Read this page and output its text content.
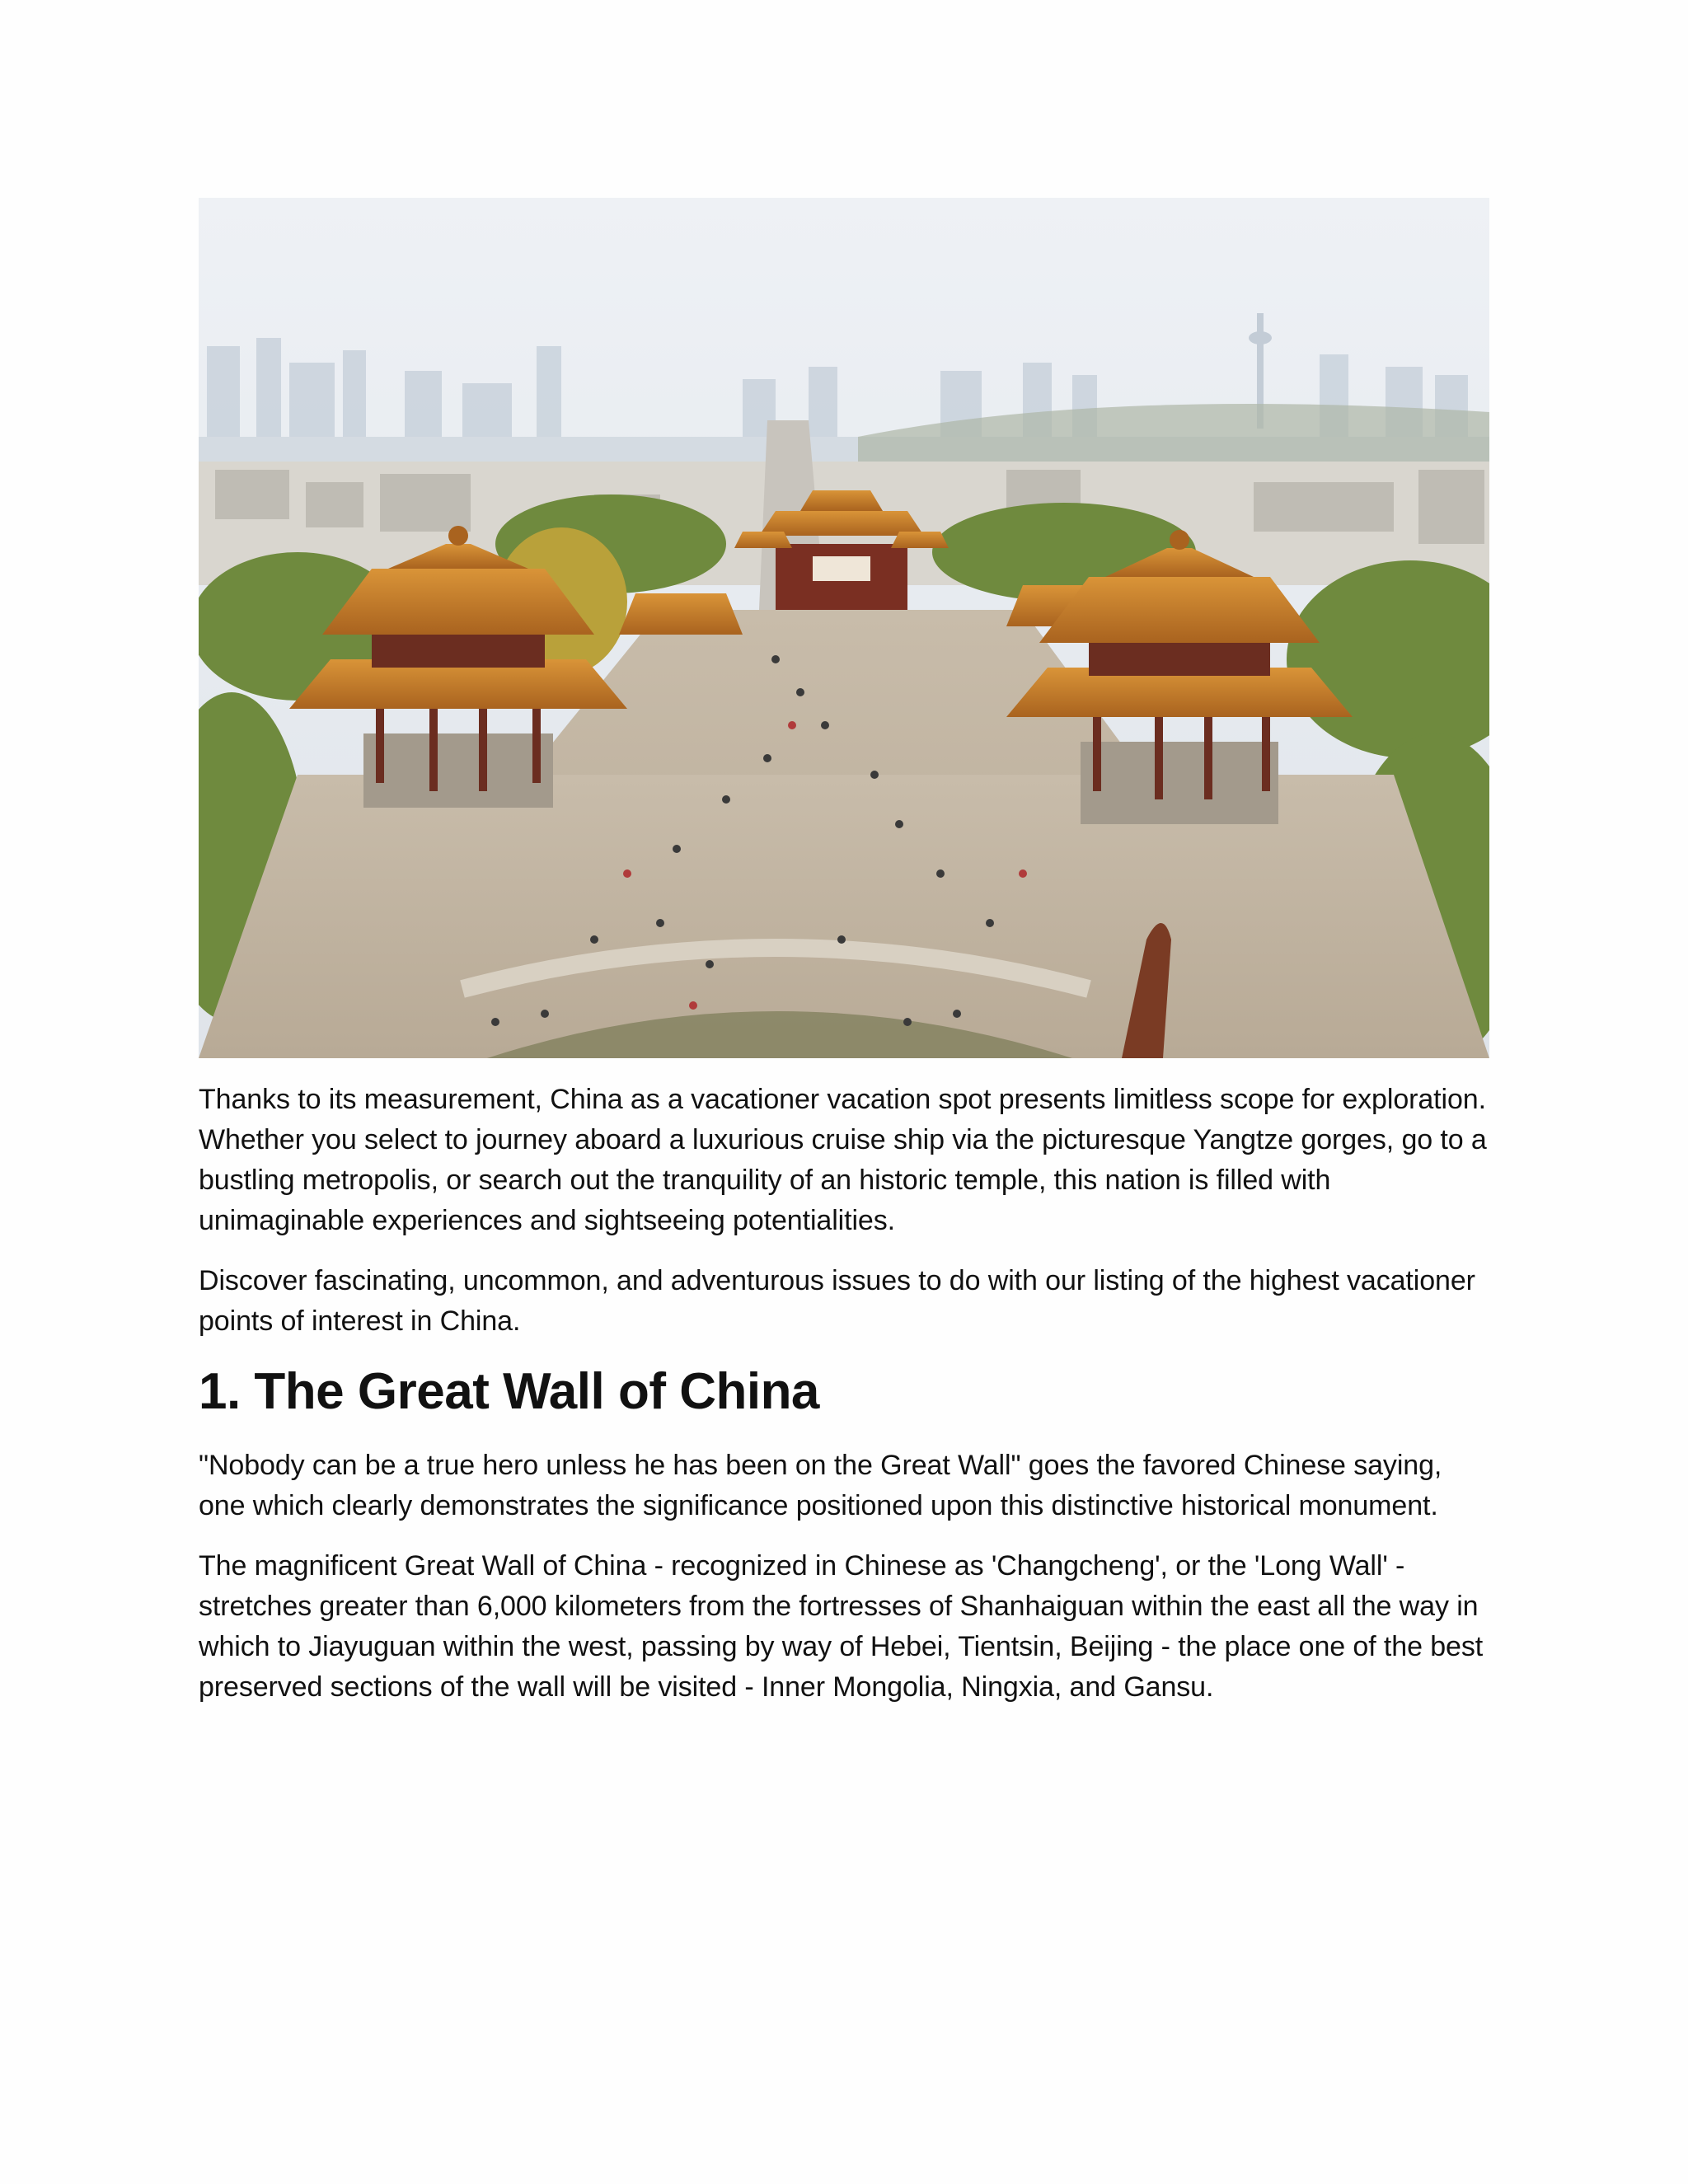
Thanks to its measurement, China as a vacationer vacation spot presents limitless scope for exploration. Whether you select to journey aboard a luxurious cruise ship via the picturesque Yangtze gorges, go to a bustling metropolis, or search out the tranquility of an historic temple, this nation is filled with unimaginable experiences and sightseeing potentialities.

Discover fascinating, uncommon, and adventurous issues to do with our listing of the highest vacationer points of interest in China.

1. The Great Wall of China

"Nobody can be a true hero unless he has been on the Great Wall" goes the favored Chinese saying, one which clearly demonstrates the significance positioned upon this distinctive historical monument.

The magnificent Great Wall of China - recognized in Chinese as 'Changcheng', or the 'Long Wall' - stretches greater than 6,000 kilometers from the fortresses of Shanhaiguan within the east all the way in which to Jiayuguan within the west, passing by way of Hebei, Tientsin, Beijing - the place one of the best preserved sections of the wall will be visited - Inner Mongolia, Ningxia, and Gansu.
